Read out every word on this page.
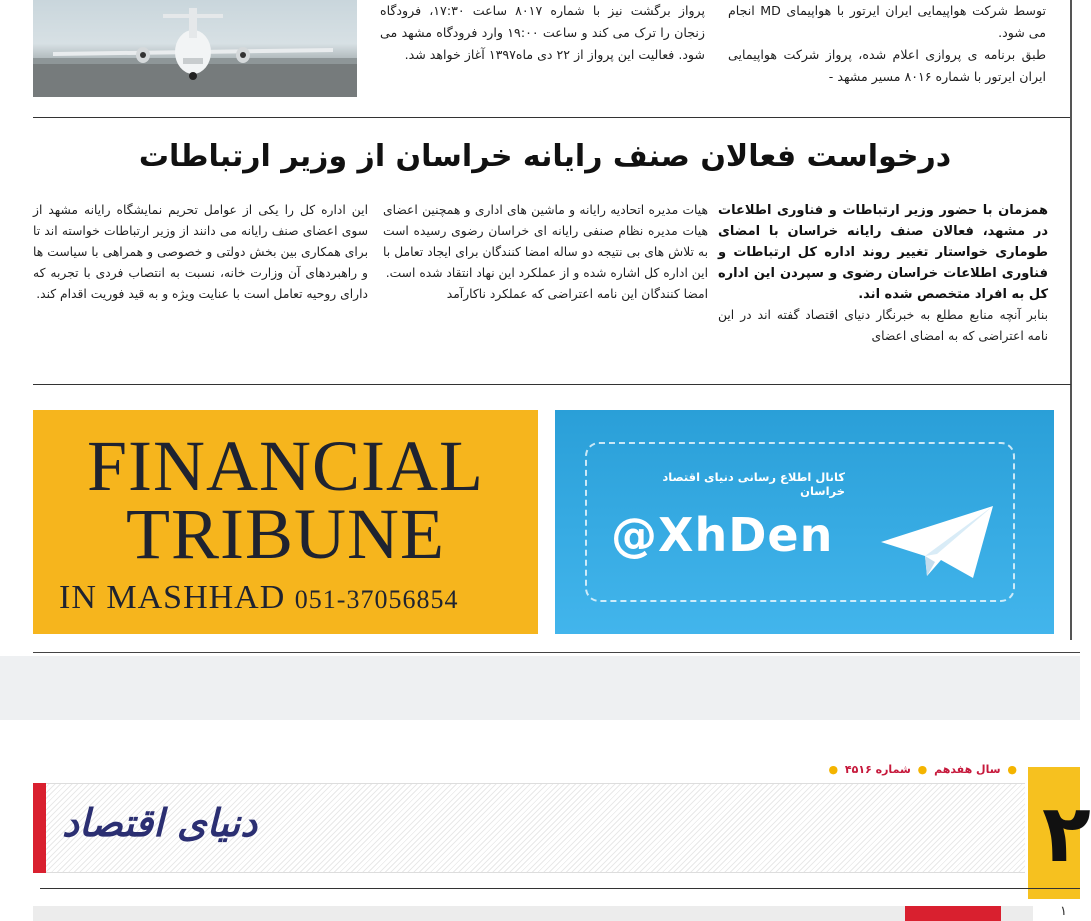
توسط شرکت هواپیمایی ایران ایرتور با هواپیمای MD انجام می شود.

طبق برنامه ی پروازی اعلام شده، پرواز شرکت هواپیمایی ایران ایرتور با شماره ۸۰۱۶ مسیر مشهد -

پرواز برگشت نیز با شماره ۸۰۱۷ ساعت ۱۷:۳۰، فرودگاه زنجان را ترک می کند و ساعت ۱۹:۰۰ وارد فرودگاه مشهد می شود. فعالیت این پرواز از ۲۲ دی ماه۱۳۹۷ آغاز خواهد شد.

درخواست فعالان صنف رایانه خراسان از وزیر ارتباطات

همزمان با حضور وزیر ارتباطات و فناوری اطلاعات در مشهد، فعالان صنف رایانه خراسان با امضای طوماری خواستار تغییر روند اداره کل ارتباطات و فناوری اطلاعات خراسان رضوی و سپردن این اداره کل به افراد متخصص شده اند.

بنابر آنچه منابع مطلع به خبرنگار دنیای اقتصاد گفته اند در این نامه اعتراضی که به امضای اعضای

هیات مدیره اتحادیه رایانه و ماشین های اداری و همچنین اعضای هیات مدیره نظام صنفی رایانه ای خراسان رضوی رسیده است به تلاش های بی نتیجه دو ساله امضا کنندگان برای ایجاد تعامل با این اداره کل اشاره شده و از عملکرد این نهاد انتقاد شده است.

امضا کنندگان این نامه اعتراضی که عملکرد ناکارآمد

این اداره کل را یکی از عوامل تحریم نمایشگاه رایانه مشهد از سوی اعضای صنف رایانه می دانند از وزیر ارتباطات خواسته اند تا برای همکاری بین بخش دولتی و خصوصی و همراهی با سیاست ها و راهبردهای آن وزارت خانه، نسبت به انتصاب فردی با تجربه که دارای روحیه تعامل است با عنایت ویژه و به قید فوریت اقدام کند.

FINANCIAL
TRIBUNE
IN MASHHAD 051-37056854
کانال اطلاع رسانی دنیای اقتصاد خراسان
@XhDen
● سال هفدهم ● شماره ۴۵۱۶ ●
دنیای اقتصاد	۲
۱
